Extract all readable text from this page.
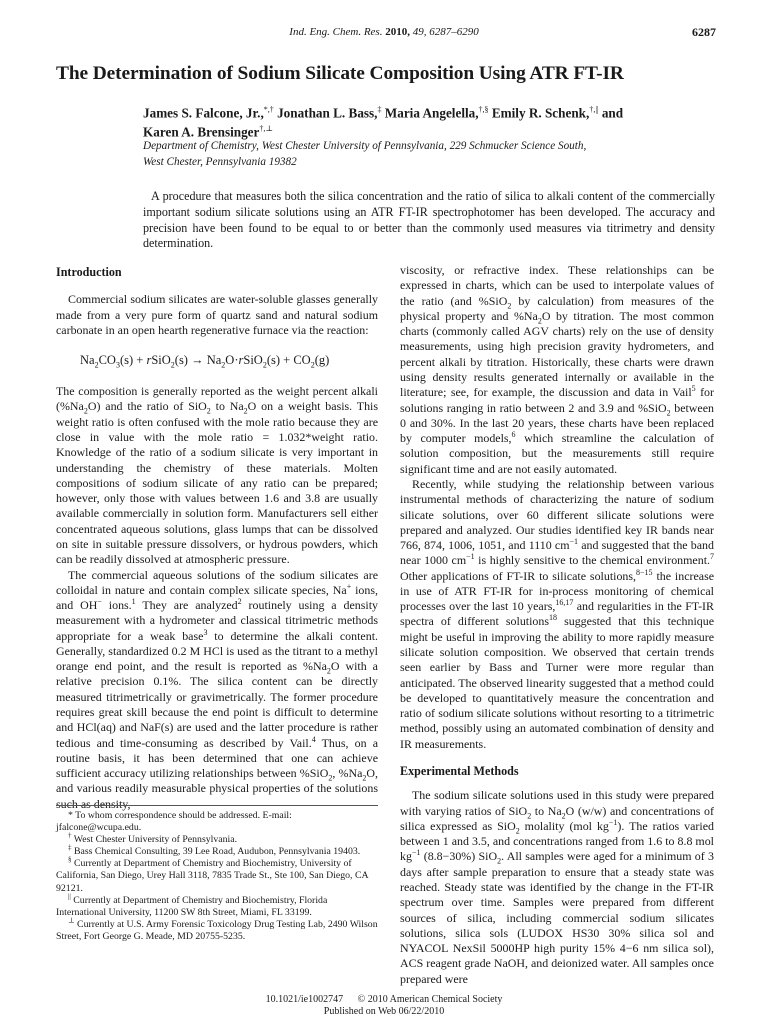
Ind. Eng. Chem. Res. 2010, 49, 6287–6290	6287
The Determination of Sodium Silicate Composition Using ATR FT-IR
James S. Falcone, Jr.,*,† Jonathan L. Bass,‡ Maria Angelella,†,§ Emily R. Schenk,†,|| and
Karen A. Brensinger†,⊥
Department of Chemistry, West Chester University of Pennsylvania, 229 Schmucker Science South,
West Chester, Pennsylvania 19382

A procedure that measures both the silica concentration and the ratio of silica to alkali content of the commercially important sodium silicate solutions using an ATR FT-IR spectrophotomer has been developed. The accuracy and precision have been found to be equal to or better than the commonly used measures via titrimetry and density determination.

Introduction

Commercial sodium silicates are water-soluble glasses generally made from a very pure form of quartz sand and natural sodium carbonate in an open hearth regenerative furnace via the reaction:

$Na_2CO_3(s)$ + rSiO$_2$(s) → $Na_2O\cdot rSiO_2(s) + CO_2(g)$

The composition is generally reported as the weight percent alkali $(\%Na_2O)$ and the ratio of SiO$_2$ to $Na_2O$ on a weight basis. This weight ratio is often confused with the mole ratio because they are close in value with the mole ratio = 1.032*weight ratio. Knowledge of the ratio of a sodium silicate is very important in understanding the chemistry of these materials. Molten compositions of sodium silicate of any ratio can be prepared; however, only those with values between 1.6 and 3.8 are usually available commercially in solution form. Manufacturers sell either concentrated aqueous solutions, glass lumps that can be dissolved on site in suitable pressure dissolvers, or hydrous powders, which can be readily dissolved at atmospheric pressure.

The commercial aqueous solutions of the sodium silicates are colloidal in nature and contain complex silicate species, Na+ ions, and OH− ions.$^1$ They are analyzed$^2$ routinely using a density measurement with a hydrometer and classical titrimetric methods appropriate for a weak base$^3$ to determine the alkali content. Generally, standardized 0.2 M HCl is used as the titrant to a methyl orange end point, and the result is reported as $\%Na_2O$ with a relative precision 0.1%. The silica content can be directly measured titrimetrically or gravimetrically. The former procedure requires great skill because the end point is difficult to determine and HCl(aq) and NaF(s) are used and the latter procedure is rather tedious and time-consuming as described by Vail.$^4$ Thus, on a routine basis, it has been determined that one can achieve sufficient accuracy utilizing relationships between %SiO$_2$, $\%Na_2O$, and various readily measurable physical properties of the solutions such as density,

* To whom correspondence should be addressed. E-mail: jfalcone@wcupa.edu.
† West Chester University of Pennsylvania.
‡ Bass Chemical Consulting, 39 Lee Road, Audubon, Pennsylvania 19403.
§ Currently at Department of Chemistry and Biochemistry, University of California, San Diego, Urey Hall 3118, 7835 Trade St., Ste 100, San Diego, CA 92121.
|| Currently at Department of Chemistry and Biochemistry, Florida International University, 11200 SW 8th Street, Miami, FL 33199.
⊥ Currently at U.S. Army Forensic Toxicology Drug Testing Lab, 2490 Wilson Street, Fort George G. Meade, MD 20755-5235.

viscosity, or refractive index. These relationships can be expressed in charts, which can be used to interpolate values of the ratio (and %SiO$_2$ by calculation) from measures of the physical property and $\%Na_2O$ by titration. The most common charts (commonly called AGV charts) rely on the use of density measurements, using high precision gravity hydrometers, and percent alkali by titration. Historically, these charts were drawn using density results generated internally or available in the literature; see, for example, the discussion and data in Vail$^5$ for solutions ranging in ratio between 2 and 3.9 and %SiO$_2$ between 0 and 30%. In the last 20 years, these charts have been replaced by computer models,$^6$ which streamline the calculation of solution composition, but the measurements still require significant time and are not easily automated.

Recently, while studying the relationship between various instrumental methods of characterizing the nature of sodium silicate solutions, over 60 different silicate solutions were prepared and analyzed. Our studies identified key IR bands near 766, 874, 1006, 1051, and 1110 $cm^{-1}$ and suggested that the band near 1000 $cm^{-1}$ is highly sensitive to the chemical environment.$^7$ Other applications of FT-IR to silicate solutions,$^{8-15}$ the increase in use of ATR FT-IR for in-process monitoring of chemical processes over the last 10 years,$^{16,17}$ and regularities in the FT-IR spectra of different solutions$^{18}$ suggested that this technique might be useful in improving the ability to more rapidly measure silicate solution composition. We observed that certain trends seen earlier by Bass and Turner were more regular than anticipated. The observed linearity suggested that a method could be developed to quantitatively measure the concentration and ratio of sodium silicate solutions without resorting to a titrimetric method, possibly using an automated combination of density and IR measurements.

Experimental Methods

The sodium silicate solutions used in this study were prepared with varying ratios of SiO$_2$ to $Na_2O$ (w/w) and concentrations of silica expressed as SiO$_2$ molality (mol $kg^{-1}$). The ratios varied between 1 and 3.5, and concentrations ranged from 1.6 to 8.8 mol $kg^{-1}$ (8.8−30%) SiO$_2$. All samples were aged for a minimum of 3 days after sample preparation to ensure that a steady state was reached. Steady state was identified by the change in the FT-IR spectrum over time. Samples were prepared from different sources of silica, including commercial sodium silicates solutions, silica sols (LUDOX HS30 30% silica sol and NYACOL NexSil 5000HP high purity 15% 4−6 nm silica sol), ACS reagent grade NaOH, and deionized water. All samples once prepared were

10.1021/ie1002747 © 2010 American Chemical Society
Published on Web 06/22/2010
